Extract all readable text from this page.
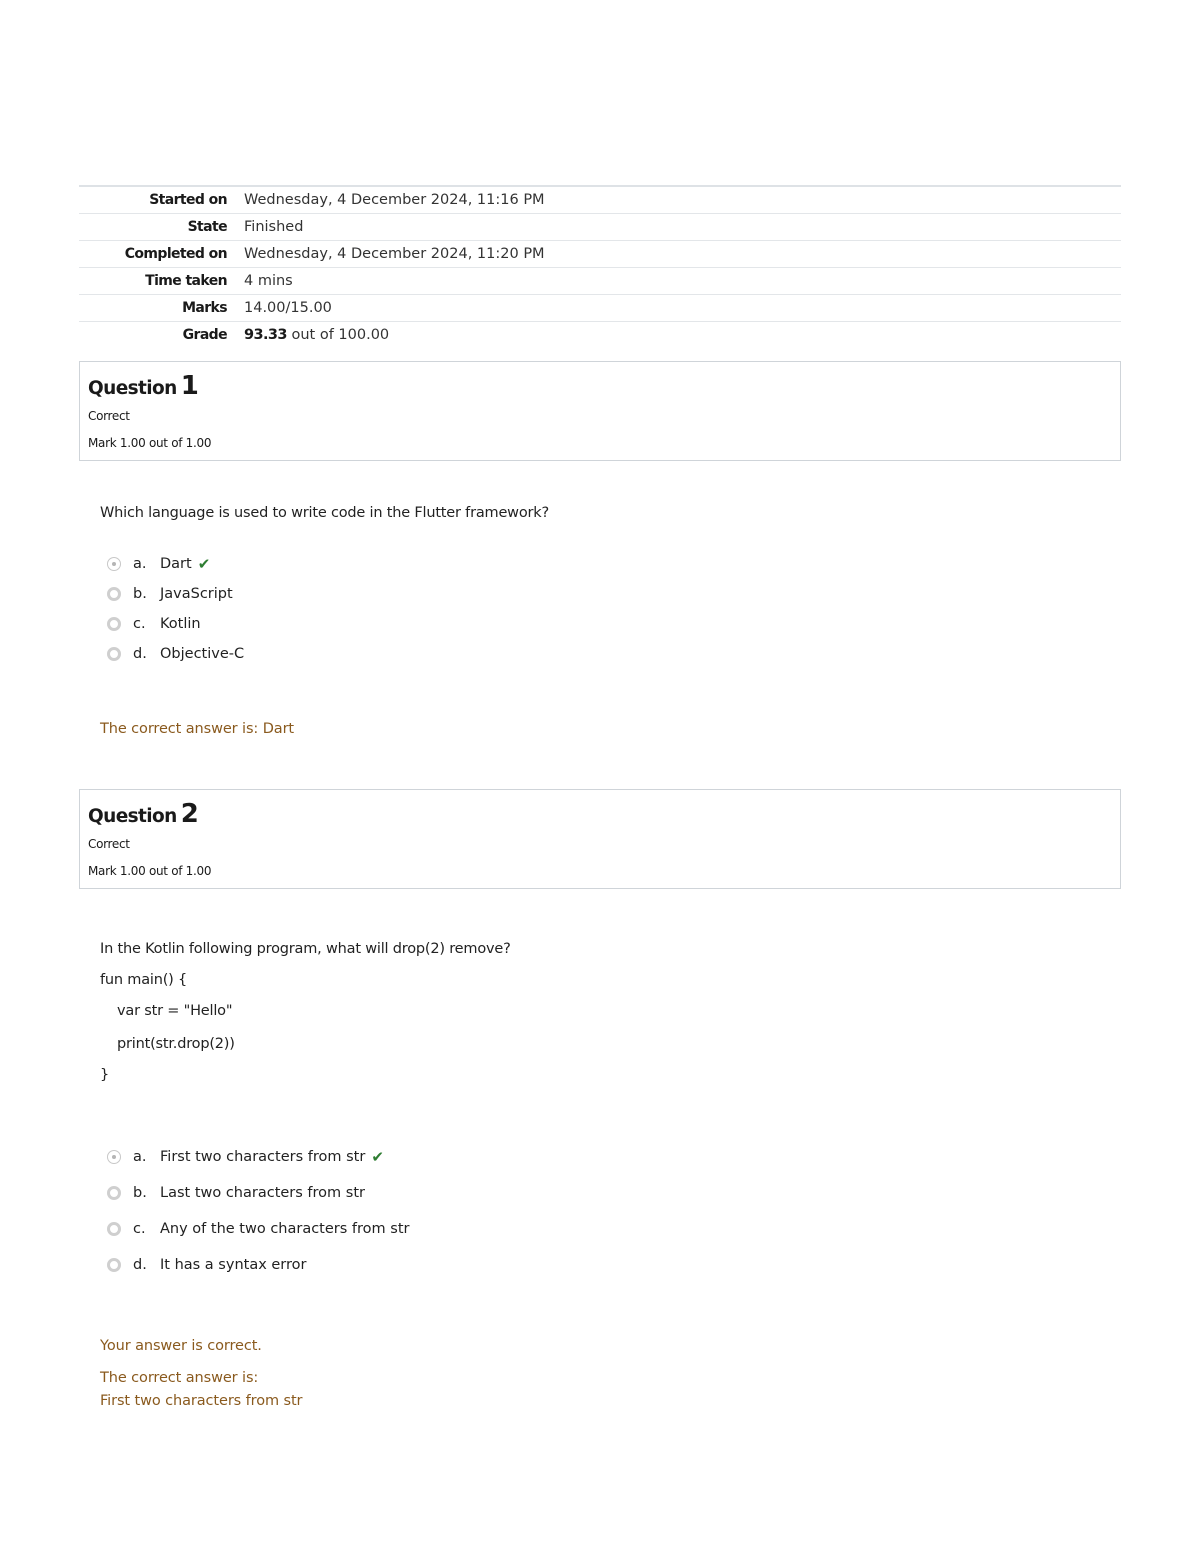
Started on	Wednesday, 4 December 2024, 11:16 PM
State	Finished
Completed on	Wednesday, 4 December 2024, 11:20 PM
Time taken	4 mins
Marks	14.00/15.00
Grade	93.33 out of 100.00
Question 1
Correct
Mark 1.00 out of 1.00
Which language is used to write code in the Flutter framework?
a. Dart ✔
b. JavaScript
c. Kotlin
d. Objective-C
The correct answer is: Dart
Question 2
Correct
Mark 1.00 out of 1.00
In the Kotlin following program, what will drop(2) remove?
fun main() {
var str = "Hello"
print(str.drop(2))
}
a. First two characters from str ✔
b. Last two characters from str
c. Any of the two characters from str
d. It has a syntax error
Your answer is correct.
The correct answer is:
First two characters from str
